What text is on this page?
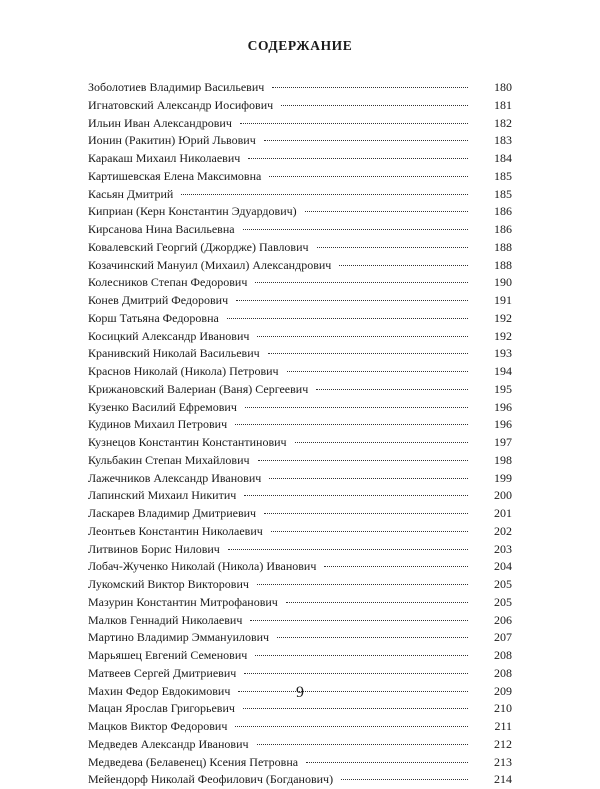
СОДЕРЖАНИЕ
Зоболотиев Владимир Васильевич	180
Игнатовский Александр Иосифович	181
Ильин Иван Александрович	182
Ионин (Ракитин) Юрий Львович	183
Каракаш Михаил Николаевич	184
Картишевская Елена Максимовна	185
Касьян Дмитрий	185
Киприан (Керн Константин Эдуардович)	186
Кирсанова Нина Васильевна	186
Ковалевский Георгий (Джордже) Павлович	188
Козачинский Мануил (Михаил) Александрович	188
Колесников Степан Федорович	190
Конев Дмитрий Федорович	191
Корш Татьяна Федоровна	192
Косицкий Александр Иванович	192
Кранивский Николай Васильевич	193
Краснов Николай (Никола) Петрович	194
Крижановский Валериан (Ваня) Сергеевич	195
Кузенко Василий Ефремович	196
Кудинов Михаил Петрович	196
Кузнецов Константин Константинович	197
Кульбакин Степан Михайлович	198
Лажечников Александр Иванович	199
Лапинский Михаил Никитич	200
Ласкарев Владимир Дмитриевич	201
Леонтьев Константин Николаевич	202
Литвинов Борис Нилович	203
Лобач-Жученко Николай (Никола) Иванович	204
Лукомский Виктор Викторович	205
Мазурин Константин Митрофанович	205
Малков Геннадий Николаевич	206
Мартино Владимир Эммануилович	207
Марьяшец Евгений Семенович	208
Матвеев Сергей Дмитриевич	208
Махин Федор Евдокимович	209
Мацан Ярослав Григорьевич	210
Мацков Виктор Федорович	211
Медведев Александр Иванович	212
Медведева (Белавенец) Ксения Петровна	213
Мейендорф Николай Феофилович (Богданович)	214
9
